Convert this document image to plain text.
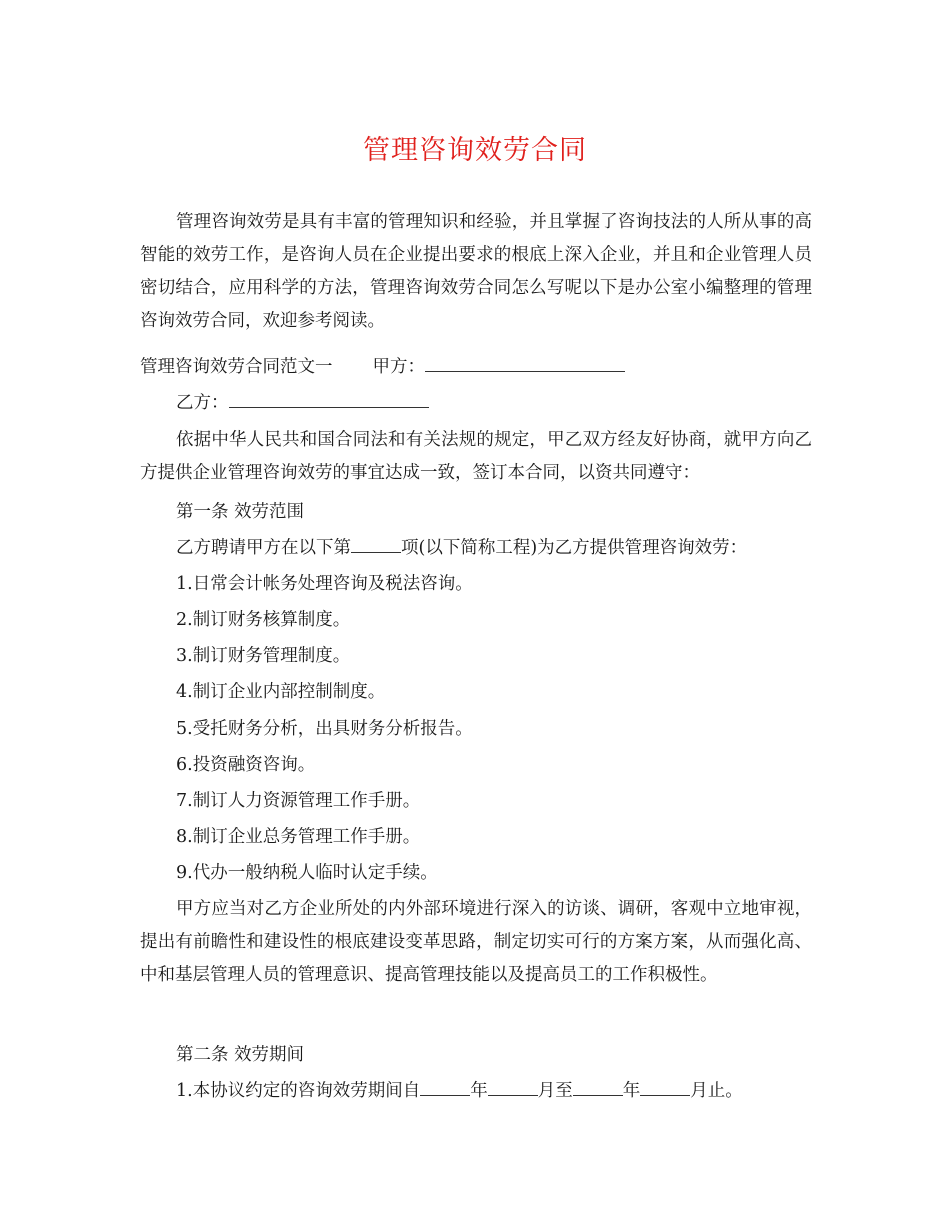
管理咨询效劳合同

管理咨询效劳是具有丰富的管理知识和经验，并且掌握了咨询技法的人所从事的高智能的效劳工作，是咨询人员在企业提出要求的根底上深入企业，并且和企业管理人员密切结合，应用科学的方法，管理咨询效劳合同怎么写呢以下是办公室小编整理的管理咨询效劳合同，欢迎参考阅读。

管理咨询效劳合同范文一 甲方：

乙方：

依据中华人民共和国合同法和有关法规的规定，甲乙双方经友好协商，就甲方向乙方提供企业管理咨询效劳的事宜达成一致，签订本合同，以资共同遵守：

第一条 效劳范围

乙方聘请甲方在以下第	项(以下简称工程)为乙方提供管理咨询效劳：

1.日常会计帐务处理咨询及税法咨询。

2.制订财务核算制度。

3.制订财务管理制度。

4.制订企业内部控制制度。

5.受托财务分析，出具财务分析报告。

6.投资融资咨询。

7.制订人力资源管理工作手册。

8.制订企业总务管理工作手册。

9.代办一般纳税人临时认定手续。

甲方应当对乙方企业所处的内外部环境进行深入的访谈、调研，客观中立地审视，提出有前瞻性和建设性的根底建设变革思路，制定切实可行的方案方案，从而强化高、中和基层管理人员的管理意识、提高管理技能以及提高员工的工作积极性。

第二条 效劳期间

1.本协议约定的咨询效劳期间自	年	月至	年	月止。
